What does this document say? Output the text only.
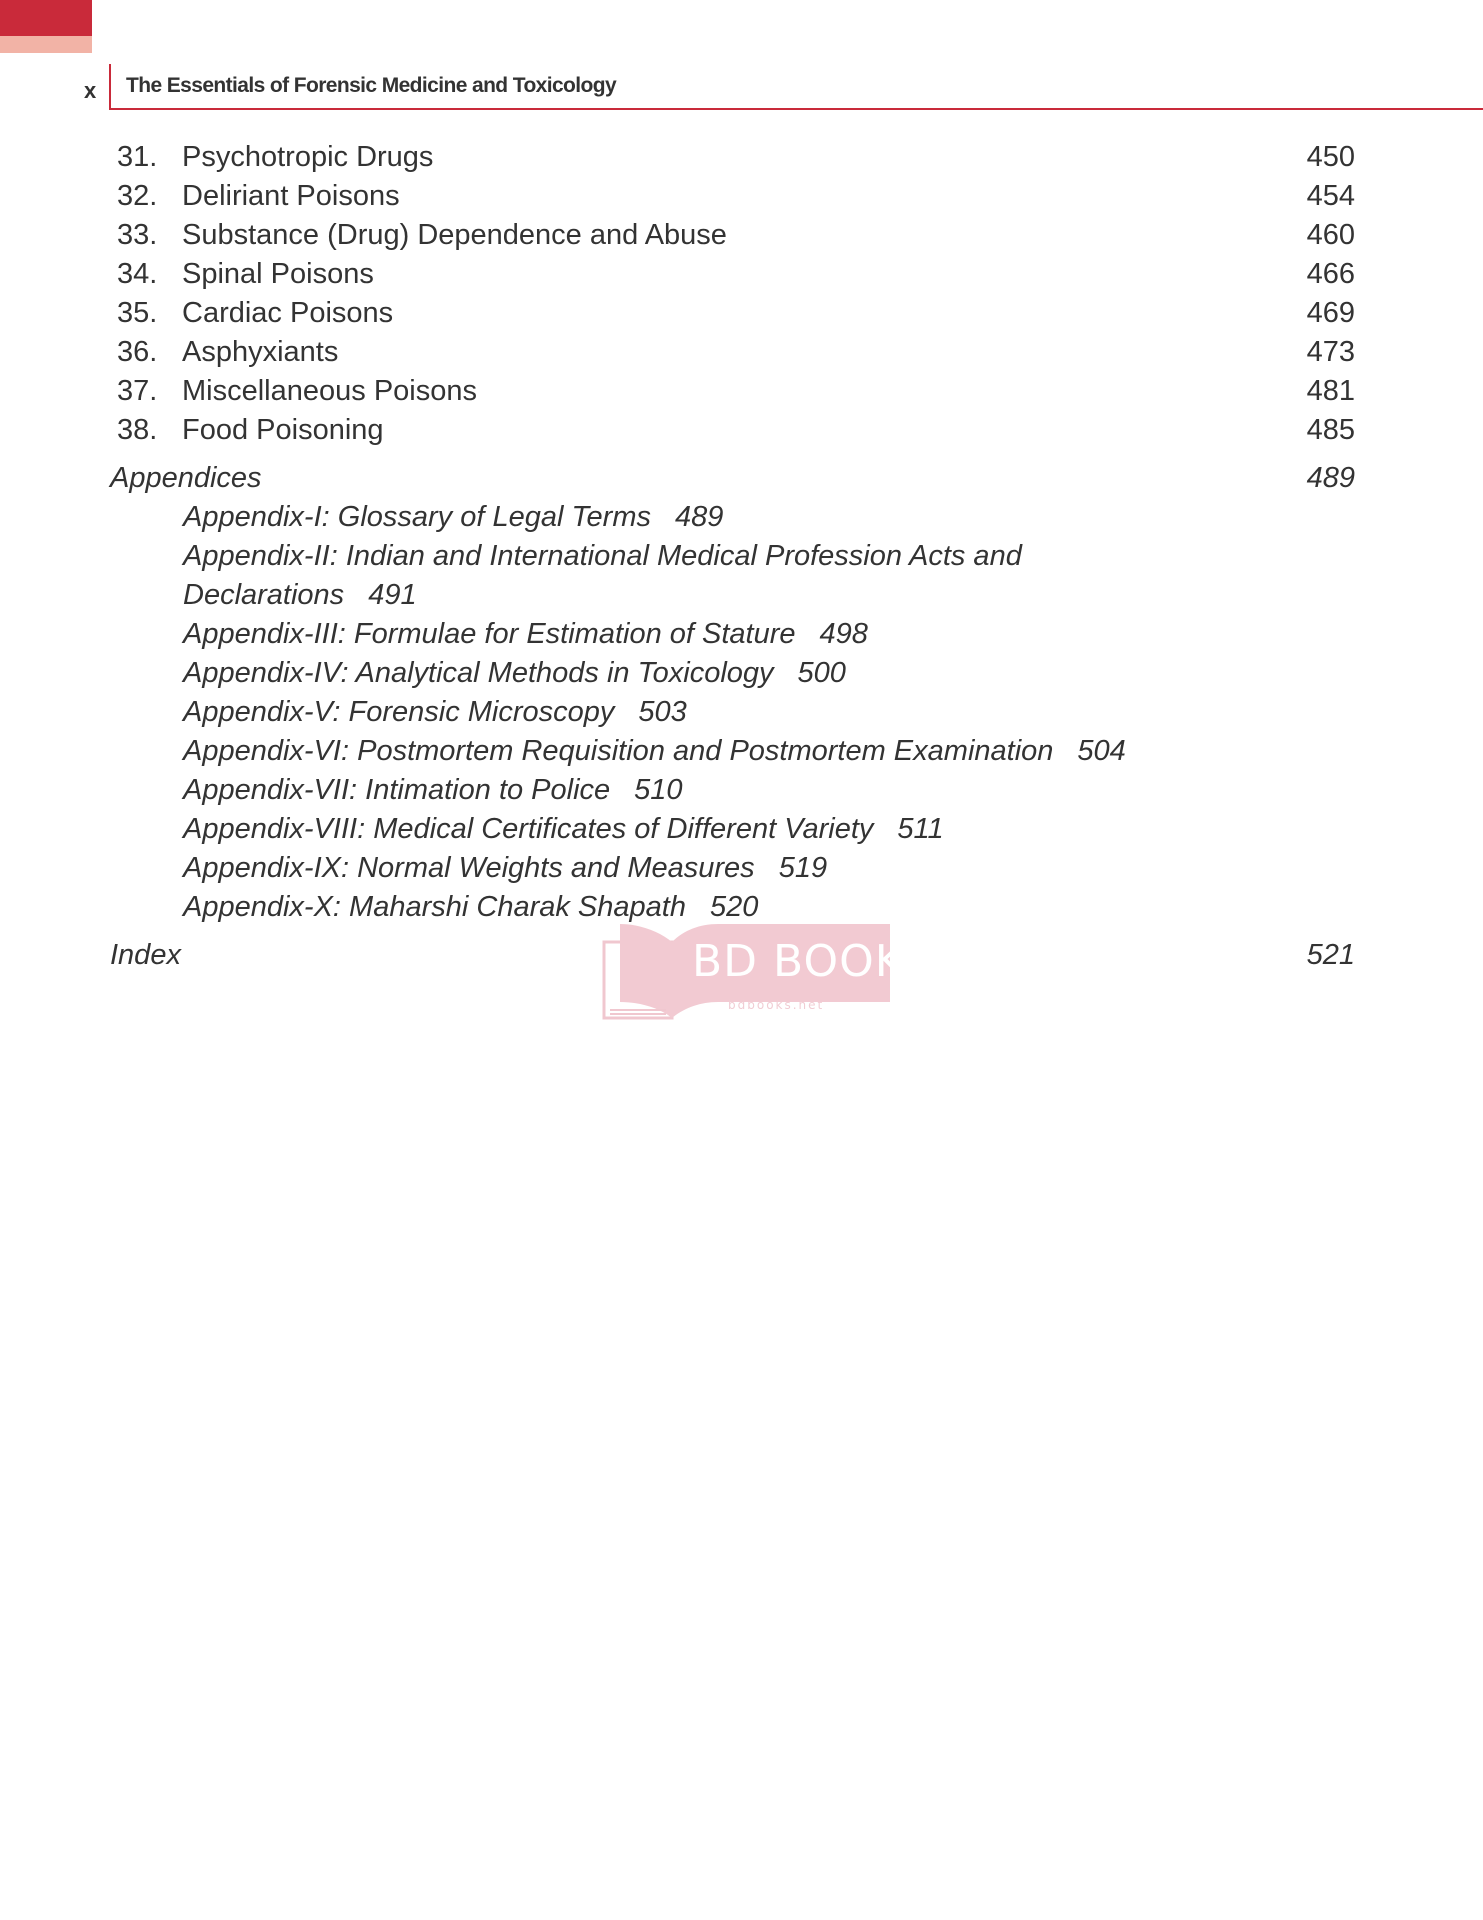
x The Essentials of Forensic Medicine and Toxicology
31. Psychotropic Drugs	450
32. Deliriant Poisons	454
33. Substance (Drug) Dependence and Abuse	460
34. Spinal Poisons	466
35. Cardiac Poisons	469
36. Asphyxiants	473
37. Miscellaneous Poisons	481
38. Food Poisoning	485
Appendices	489
Appendix-I: Glossary of Legal Terms 489
Appendix-II: Indian and International Medical Profession Acts and
Declarations 491
Appendix-III: Formulae for Estimation of Stature 498
Appendix-IV: Analytical Methods in Toxicology 500
Appendix-V: Forensic Microscopy 503
Appendix-VI: Postmortem Requisition and Postmortem Examination 504
Appendix-VII: Intimation to Police 510
Appendix-VIII: Medical Certificates of Different Variety 511
Appendix-IX: Normal Weights and Measures 519
Appendix-X: Maharshi Charak Shapath 520
Index	521
BD BOOKS
bdbooks.net
